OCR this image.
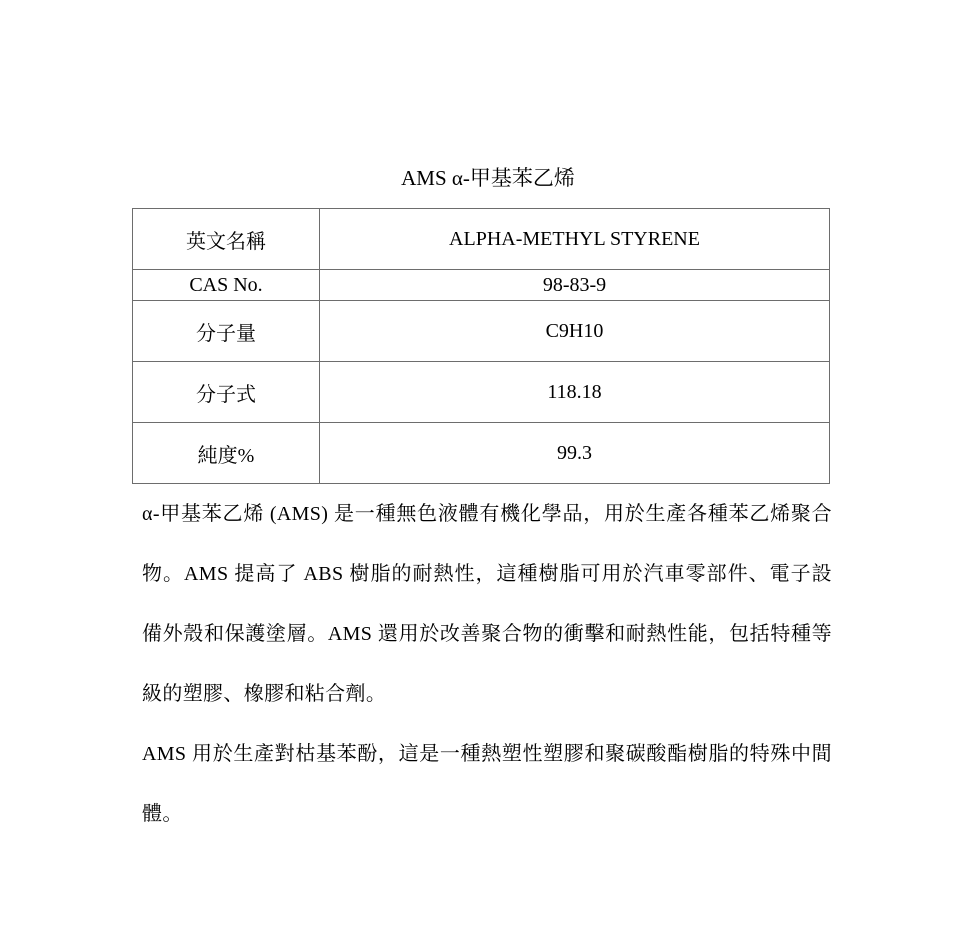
AMS α-甲基苯乙烯
英文名稱	ALPHA-METHYL STYRENE
CAS No.	98-83-9
分子量	C9H10
分子式	118.18
純度%	99.3
α-甲基苯乙烯 (AMS) 是一種無色液體有機化學品，用於生產各種苯乙烯聚合物。AMS 提高了 ABS 樹脂的耐熱性，這種樹脂可用於汽車零部件、電子設備外殼和保護塗層。AMS 還用於改善聚合物的衝擊和耐熱性能，包括特種等級的塑膠、橡膠和粘合劑。
AMS 用於生產對枯基苯酚，這是一種熱塑性塑膠和聚碳酸酯樹脂的特殊中間體。
